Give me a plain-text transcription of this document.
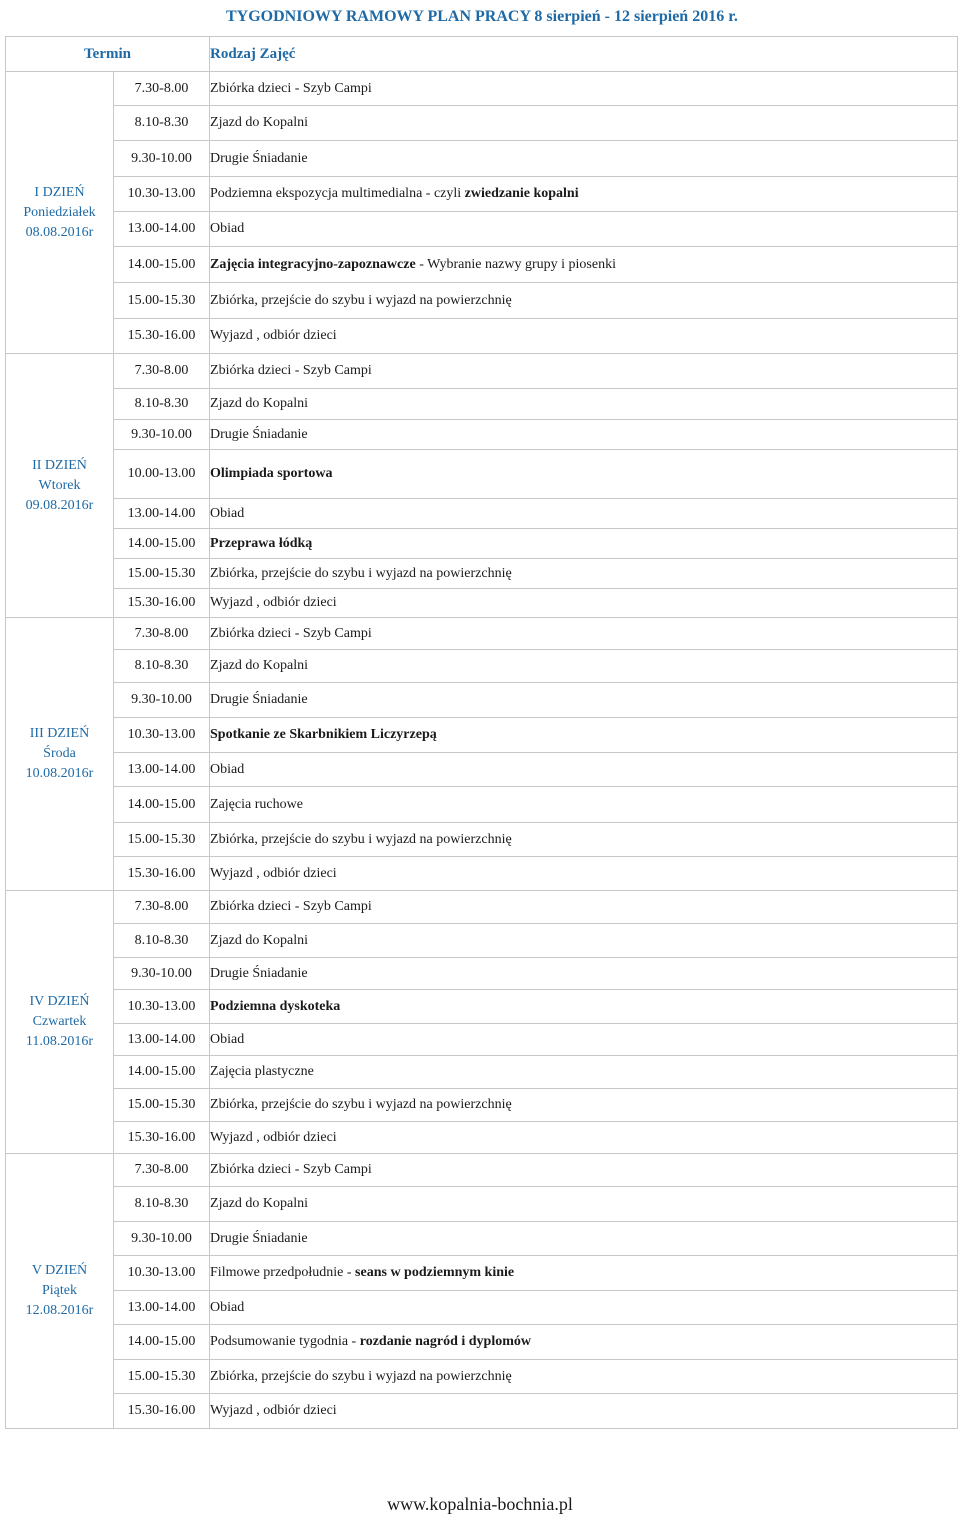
TYGODNIOWY RAMOWY PLAN PRACY 8 sierpień - 12 sierpień 2016 r.
Termin		Rodzaj Zajęć

I DZIEŃ
Poniedziałek
08.08.2016r	7.30-8.00	Zbiórka dzieci - Szyb Campi
	8.10-8.30	Zjazd do Kopalni
	9.30-10.00	Drugie Śniadanie
	10.30-13.00	Podziemna ekspozycja multimedialna - czyli zwiedzanie kopalni
	13.00-14.00	Obiad
	14.00-15.00	Zajęcia integracyjno-zapoznawcze - Wybranie nazwy grupy i piosenki
	15.00-15.30	Zbiórka, przejście do szybu i wyjazd na powierzchnię
	15.30-16.00	Wyjazd , odbiór dzieci

II DZIEŃ
Wtorek
09.08.2016r	7.30-8.00	Zbiórka dzieci - Szyb Campi
	8.10-8.30	Zjazd do Kopalni
	9.30-10.00	Drugie Śniadanie
	10.00-13.00	Olimpiada sportowa
	13.00-14.00	Obiad
	14.00-15.00	Przeprawa łódką
	15.00-15.30	Zbiórka, przejście do szybu i wyjazd na powierzchnię
	15.30-16.00	Wyjazd , odbiór dzieci

III DZIEŃ
Środa
10.08.2016r	7.30-8.00	Zbiórka dzieci - Szyb Campi
	8.10-8.30	Zjazd do Kopalni
	9.30-10.00	Drugie Śniadanie
	10.30-13.00	Spotkanie ze Skarbnikiem Liczyrzepą
	13.00-14.00	Obiad
	14.00-15.00	Zajęcia ruchowe
	15.00-15.30	Zbiórka, przejście do szybu i wyjazd na powierzchnię
	15.30-16.00	Wyjazd , odbiór dzieci

IV DZIEŃ
Czwartek
11.08.2016r	7.30-8.00	Zbiórka dzieci - Szyb Campi
	8.10-8.30	Zjazd do Kopalni
	9.30-10.00	Drugie Śniadanie
	10.30-13.00	Podziemna dyskoteka
	13.00-14.00	Obiad
	14.00-15.00	Zajęcia plastyczne
	15.00-15.30	Zbiórka, przejście do szybu i wyjazd na powierzchnię
	15.30-16.00	Wyjazd , odbiór dzieci

V DZIEŃ
Piątek
12.08.2016r	7.30-8.00	Zbiórka dzieci - Szyb Campi
	8.10-8.30	Zjazd do Kopalni
	9.30-10.00	Drugie Śniadanie
	10.30-13.00	Filmowe przedpołudnie - seans w podziemnym kinie
	13.00-14.00	Obiad
	14.00-15.00	Podsumowanie tygodnia - rozdanie nagród i dyplomów
	15.00-15.30	Zbiórka, przejście do szybu i wyjazd na powierzchnię
	15.30-16.00	Wyjazd , odbiór dzieci
www.kopalnia-bochnia.pl
